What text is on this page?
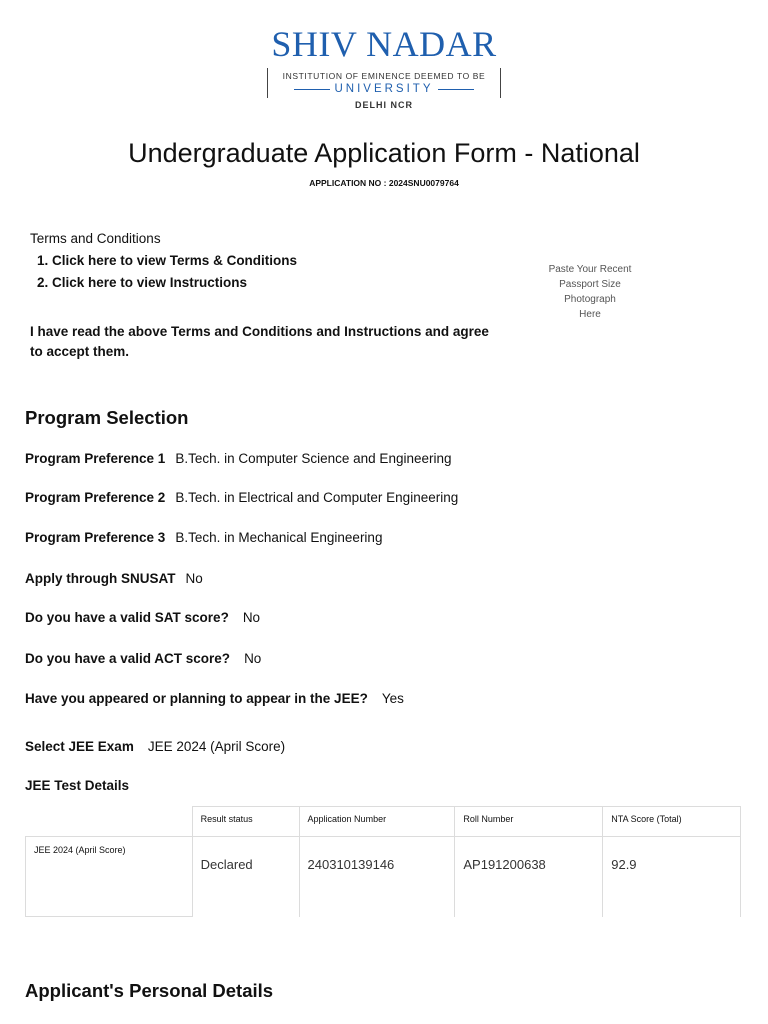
SHIV NADAR
INSTITUTION OF EMINENCE DEEMED TO BE
UNIVERSITY
DELHI NCR
Undergraduate Application Form - National
APPLICATION NO : 2024SNU0079764
Terms and Conditions
1. Click here to view Terms & Conditions
2. Click here to view Instructions
I have read the above Terms and Conditions and Instructions and agree to accept them.
Paste Your Recent
Passport Size
Photograph
Here
Program Selection
Program Preference 1 B.Tech. in Computer Science and Engineering
Program Preference 2 B.Tech. in Electrical and Computer Engineering
Program Preference 3 B.Tech. in Mechanical Engineering
Apply through SNUSAT No
Do you have a valid SAT score? No
Do you have a valid ACT score? No
Have you appeared or planning to appear in the JEE? Yes
Select JEE Exam JEE 2024 (April Score)
JEE Test Details
	Result status	Application Number	Roll Number	NTA Score (Total)
JEE 2024 (April Score)	Declared	240310139146	AP191200638	92.9
Applicant's Personal Details
